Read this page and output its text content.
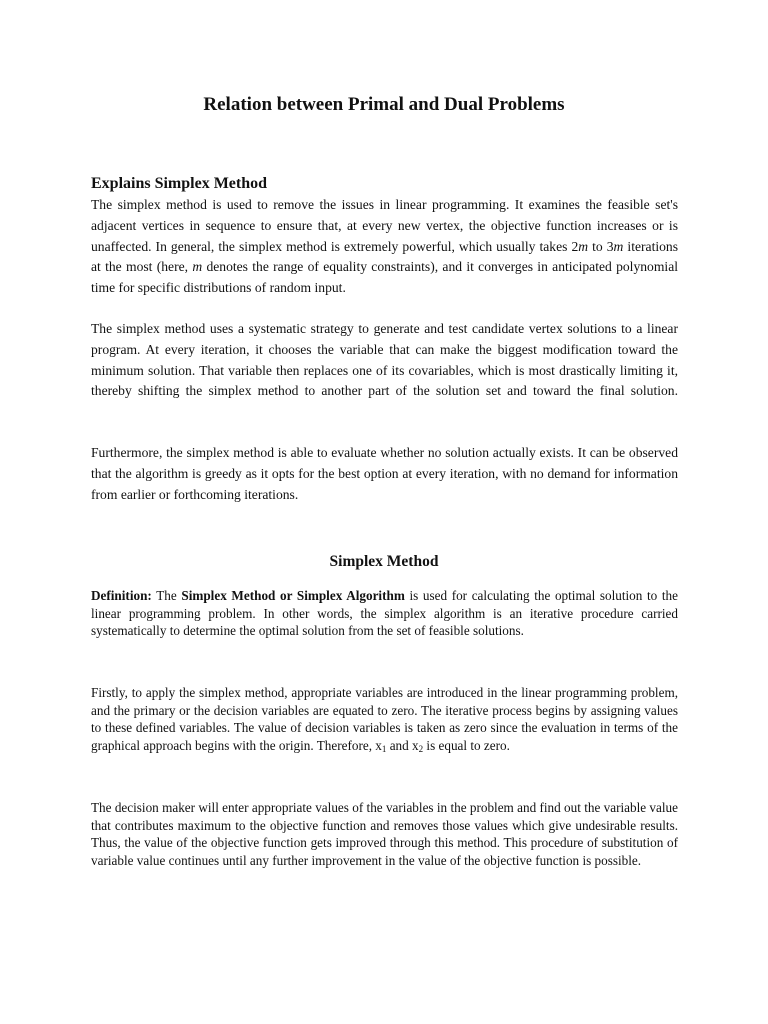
Relation between Primal and Dual Problems
Explains Simplex Method

The simplex method is used to remove the issues in linear programming. It examines the feasible set's adjacent vertices in sequence to ensure that, at every new vertex, the objective function increases or is unaffected. In general, the simplex method is extremely powerful, which usually takes 2m to 3m iterations at the most (here, m denotes the range of equality constraints), and it converges in anticipated polynomial time for specific distributions of random input.

The simplex method uses a systematic strategy to generate and test candidate vertex solutions to a linear program. At every iteration, it chooses the variable that can make the biggest modification toward the minimum solution. That variable then replaces one of its covariables, which is most drastically limiting it, thereby shifting the simplex method to another part of the solution set and toward the final solution.

Furthermore, the simplex method is able to evaluate whether no solution actually exists. It can be observed that the algorithm is greedy as it opts for the best option at every iteration, with no demand for information from earlier or forthcoming iterations.

Simplex Method

Definition: The Simplex Method or Simplex Algorithm is used for calculating the optimal solution to the linear programming problem. In other words, the simplex algorithm is an iterative procedure carried systematically to determine the optimal solution from the set of feasible solutions.

Firstly, to apply the simplex method, appropriate variables are introduced in the linear programming problem, and the primary or the decision variables are equated to zero. The iterative process begins by assigning values to these defined variables. The value of decision variables is taken as zero since the evaluation in terms of the graphical approach begins with the origin. Therefore, $x_1$ and $x_2$ is equal to zero.

The decision maker will enter appropriate values of the variables in the problem and find out the variable value that contributes maximum to the objective function and removes those values which give undesirable results. Thus, the value of the objective function gets improved through this method. This procedure of substitution of variable value continues until any further improvement in the value of the objective function is possible.
